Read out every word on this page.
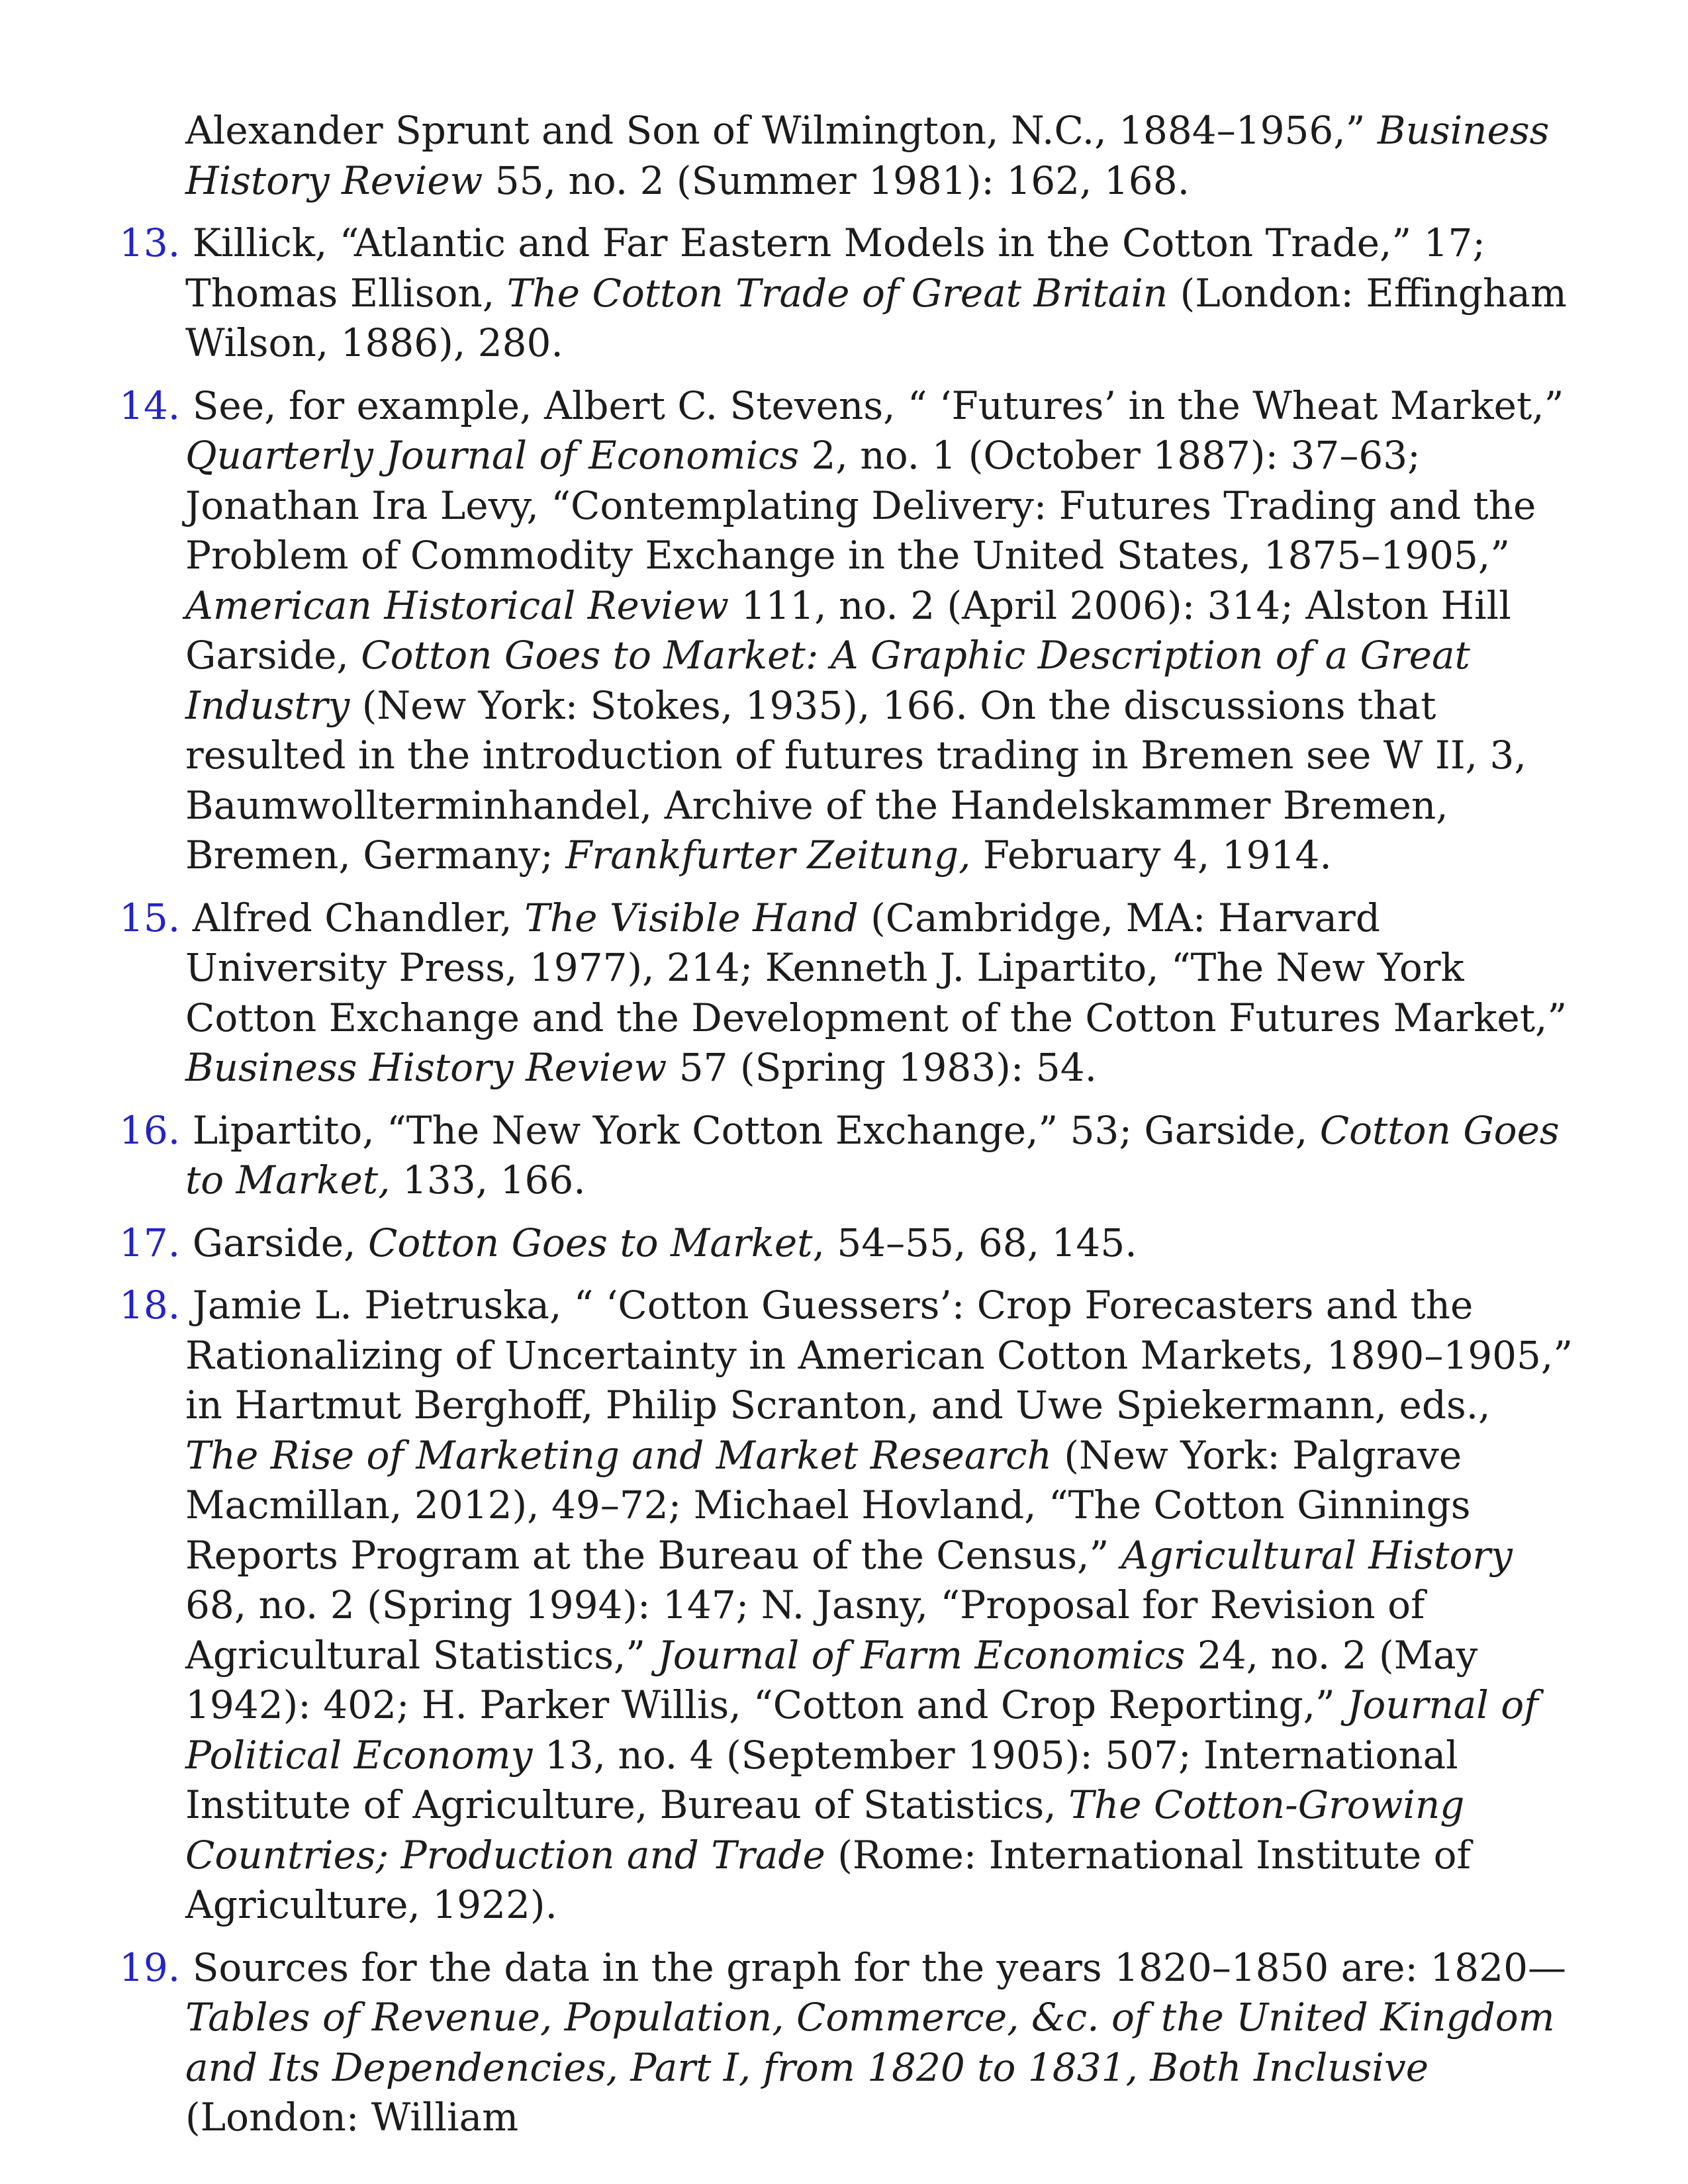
Alexander Sprunt and Son of Wilmington, N.C., 1884–1956,” Business History Review 55, no. 2 (Summer 1981): 162, 168.
13. Killick, “Atlantic and Far Eastern Models in the Cotton Trade,” 17; Thomas Ellison, The Cotton Trade of Great Britain (London: Effingham Wilson, 1886), 280.
14. See, for example, Albert C. Stevens, “ ‘Futures’ in the Wheat Market,” Quarterly Journal of Economics 2, no. 1 (October 1887): 37–63; Jonathan Ira Levy, “Contemplating Delivery: Futures Trading and the Problem of Commodity Exchange in the United States, 1875–1905,” American Historical Review 111, no. 2 (April 2006): 314; Alston Hill Garside, Cotton Goes to Market: A Graphic Description of a Great Industry (New York: Stokes, 1935), 166. On the discussions that resulted in the introduction of futures trading in Bremen see W II, 3, Baumwollterminhandel, Archive of the Handelskammer Bremen, Bremen, Germany; Frankfurter Zeitung, February 4, 1914.
15. Alfred Chandler, The Visible Hand (Cambridge, MA: Harvard University Press, 1977), 214; Kenneth J. Lipartito, “The New York Cotton Exchange and the Development of the Cotton Futures Market,” Business History Review 57 (Spring 1983): 54.
16. Lipartito, “The New York Cotton Exchange,” 53; Garside, Cotton Goes to Market, 133, 166.
17. Garside, Cotton Goes to Market, 54–55, 68, 145.
18. Jamie L. Pietruska, “ ‘Cotton Guessers’: Crop Forecasters and the Rationalizing of Uncertainty in American Cotton Markets, 1890–1905,” in Hartmut Berghoff, Philip Scranton, and Uwe Spiekermann, eds., The Rise of Marketing and Market Research (New York: Palgrave Macmillan, 2012), 49–72; Michael Hovland, “The Cotton Ginnings Reports Program at the Bureau of the Census,” Agricultural History 68, no. 2 (Spring 1994): 147; N. Jasny, “Proposal for Revision of Agricultural Statistics,” Journal of Farm Economics 24, no. 2 (May 1942): 402; H. Parker Willis, “Cotton and Crop Reporting,” Journal of Political Economy 13, no. 4 (September 1905): 507; International Institute of Agriculture, Bureau of Statistics, The Cotton-Growing Countries; Production and Trade (Rome: International Institute of Agriculture, 1922).
19. Sources for the data in the graph for the years 1820–1850 are: 1820— Tables of Revenue, Population, Commerce, &c. of the United Kingdom and Its Dependencies, Part I, from 1820 to 1831, Both Inclusive (London: William
